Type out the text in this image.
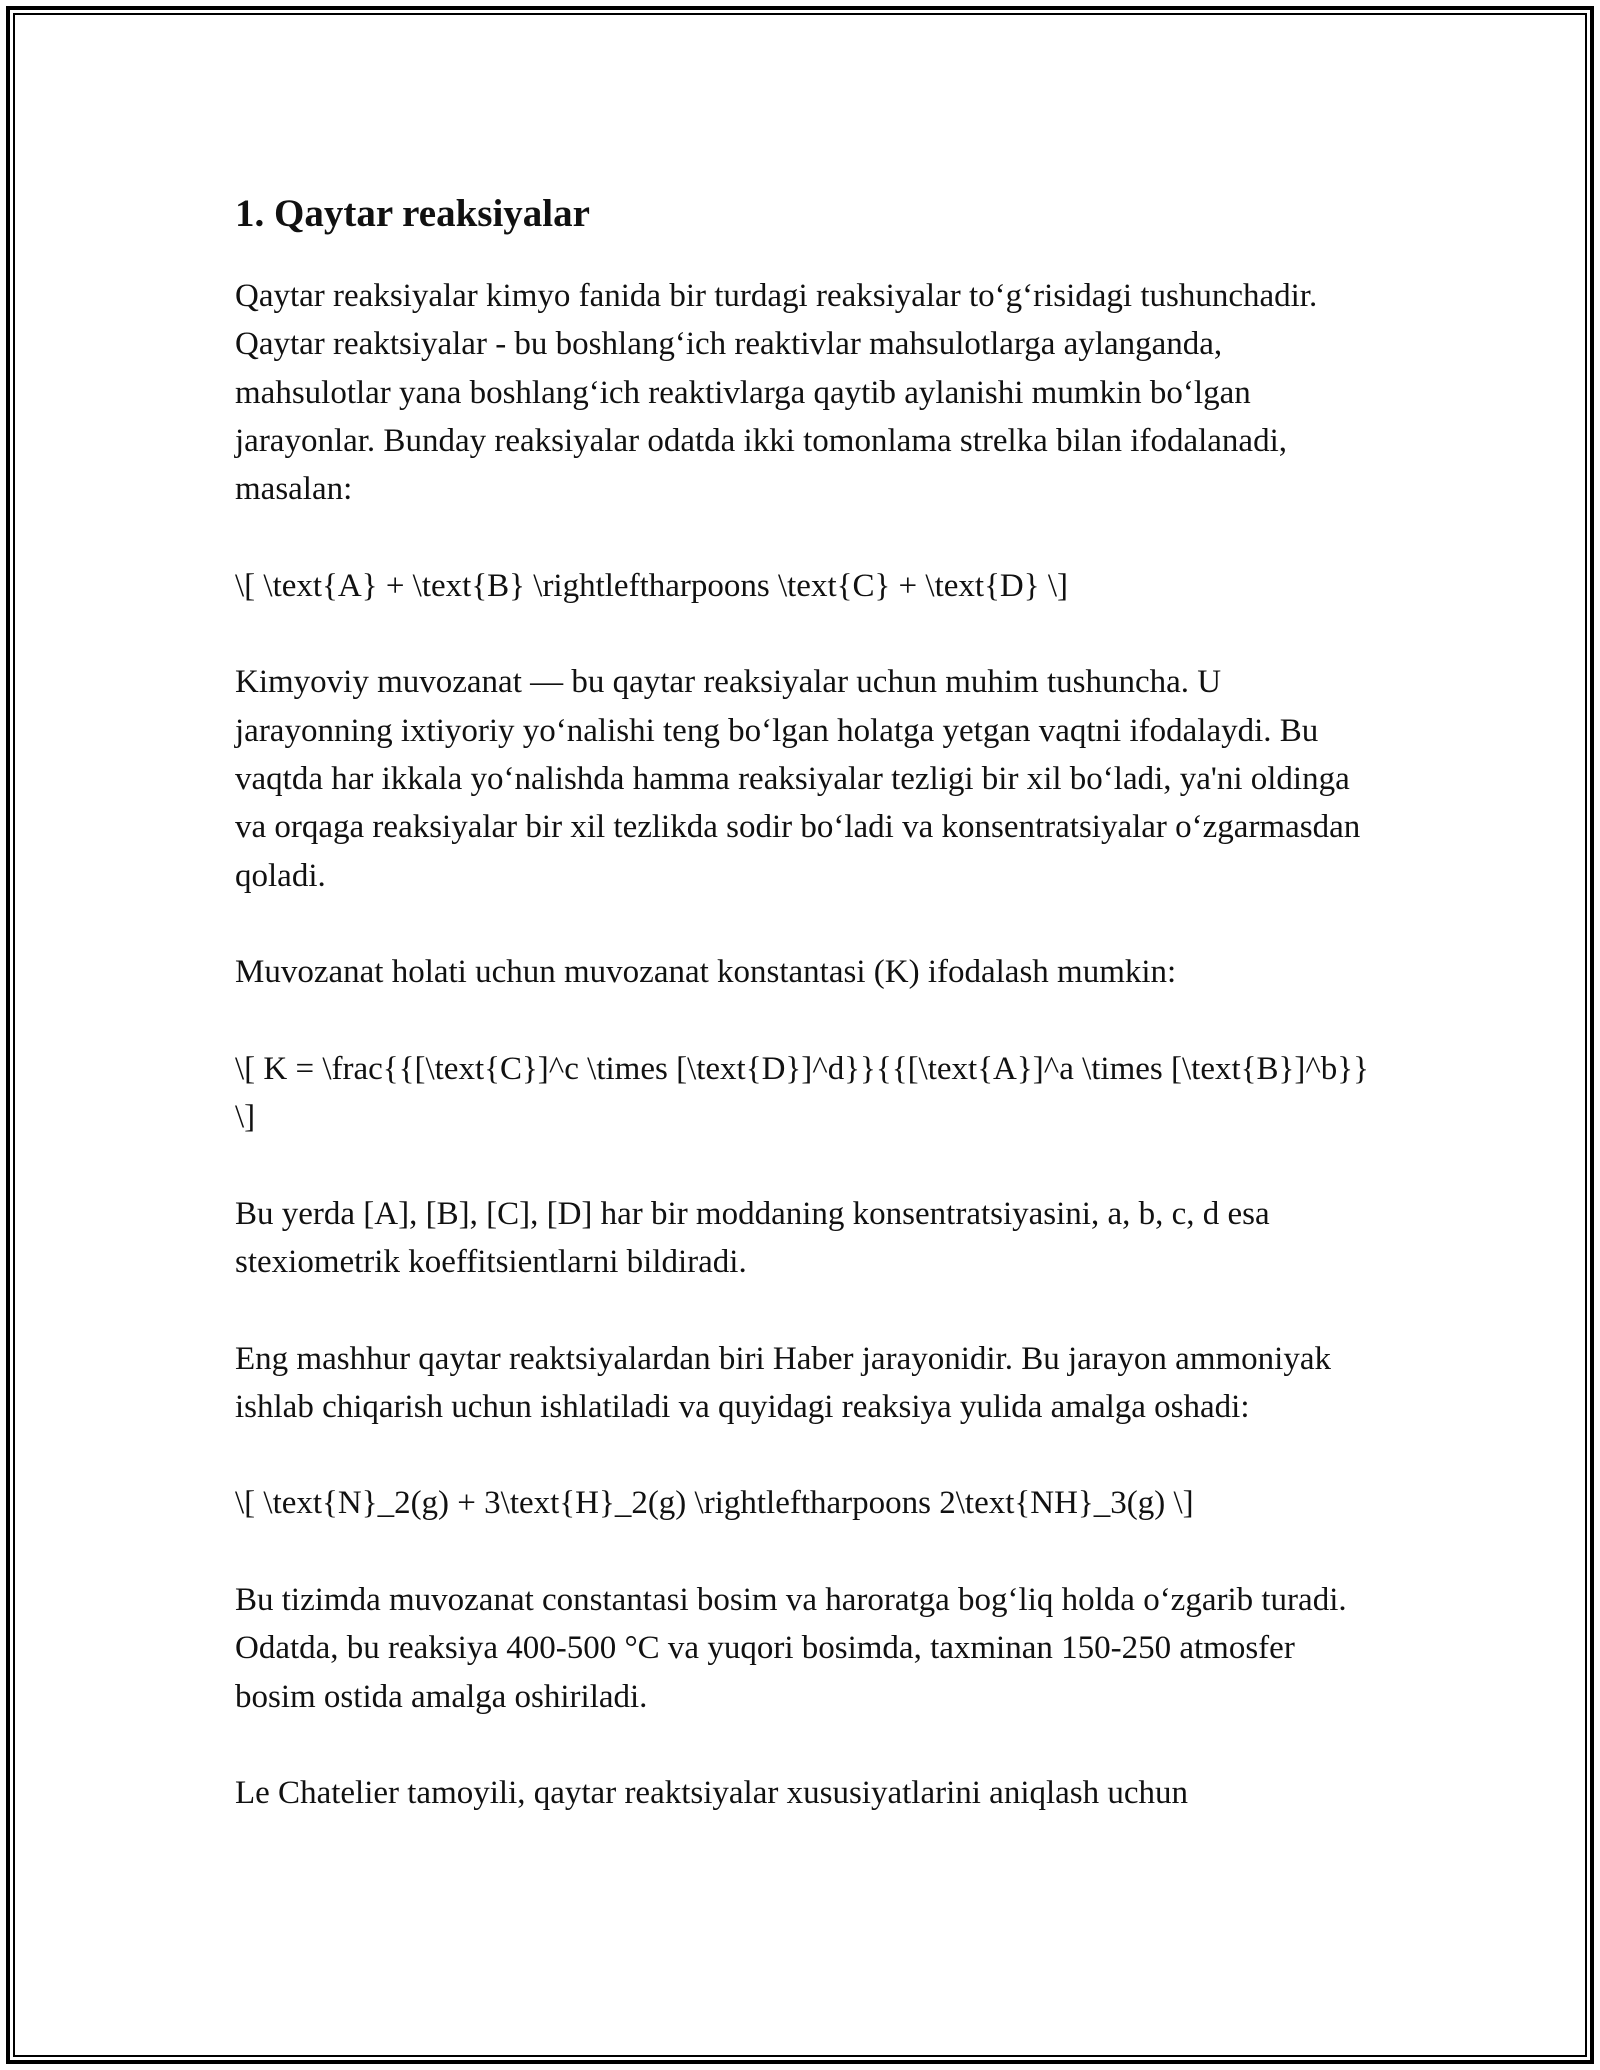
1. Qaytar reaksiyalar

Qaytar reaksiyalar kimyo fanida bir turdagi reaksiyalar to‘g‘risidagi tushunchadir. Qaytar reaktsiyalar - bu boshlang‘ich reaktivlar mahsulotlarga aylanganda, mahsulotlar yana boshlang‘ich reaktivlarga qaytib aylanishi mumkin bo‘lgan jarayonlar. Bunday reaksiyalar odatda ikki tomonlama strelka bilan ifodalanadi, masalan:

\[ \text{A} + \text{B} \rightleftharpoons \text{C} + \text{D} \]

Kimyoviy muvozanat — bu qaytar reaksiyalar uchun muhim tushuncha. U jarayonning ixtiyoriy yo‘nalishi teng bo‘lgan holatga yetgan vaqtni ifodalaydi. Bu vaqtda har ikkala yo‘nalishda hamma reaksiyalar tezligi bir xil bo‘ladi, ya'ni oldinga va orqaga reaksiyalar bir xil tezlikda sodir bo‘ladi va konsentratsiyalar o‘zgarmasdan qoladi.

Muvozanat holati uchun muvozanat konstantasi (K) ifodalash mumkin:

\[ K = \frac{{[\text{C}]^c \times [\text{D}]^d}}{{[\text{A}]^a \times [\text{B}]^b}} \]

Bu yerda [A], [B], [C], [D] har bir moddaning konsentratsiyasini, a, b, c, d esa stexiometrik koeffitsientlarni bildiradi.

Eng mashhur qaytar reaktsiyalardan biri Haber jarayonidir. Bu jarayon ammoniyak ishlab chiqarish uchun ishlatiladi va quyidagi reaksiya yulida amalga oshadi:

\[ \text{N}_2(g) + 3\text{H}_2(g) \rightleftharpoons 2\text{NH}_3(g) \]

Bu tizimda muvozanat constantasi bosim va haroratga bog‘liq holda o‘zgarib turadi. Odatda, bu reaksiya 400-500 °C va yuqori bosimda, taxminan 150-250 atmosfer bosim ostida amalga oshiriladi.

Le Chatelier tamoyili, qaytar reaktsiyalar xususiyatlarini aniqlash uchun
